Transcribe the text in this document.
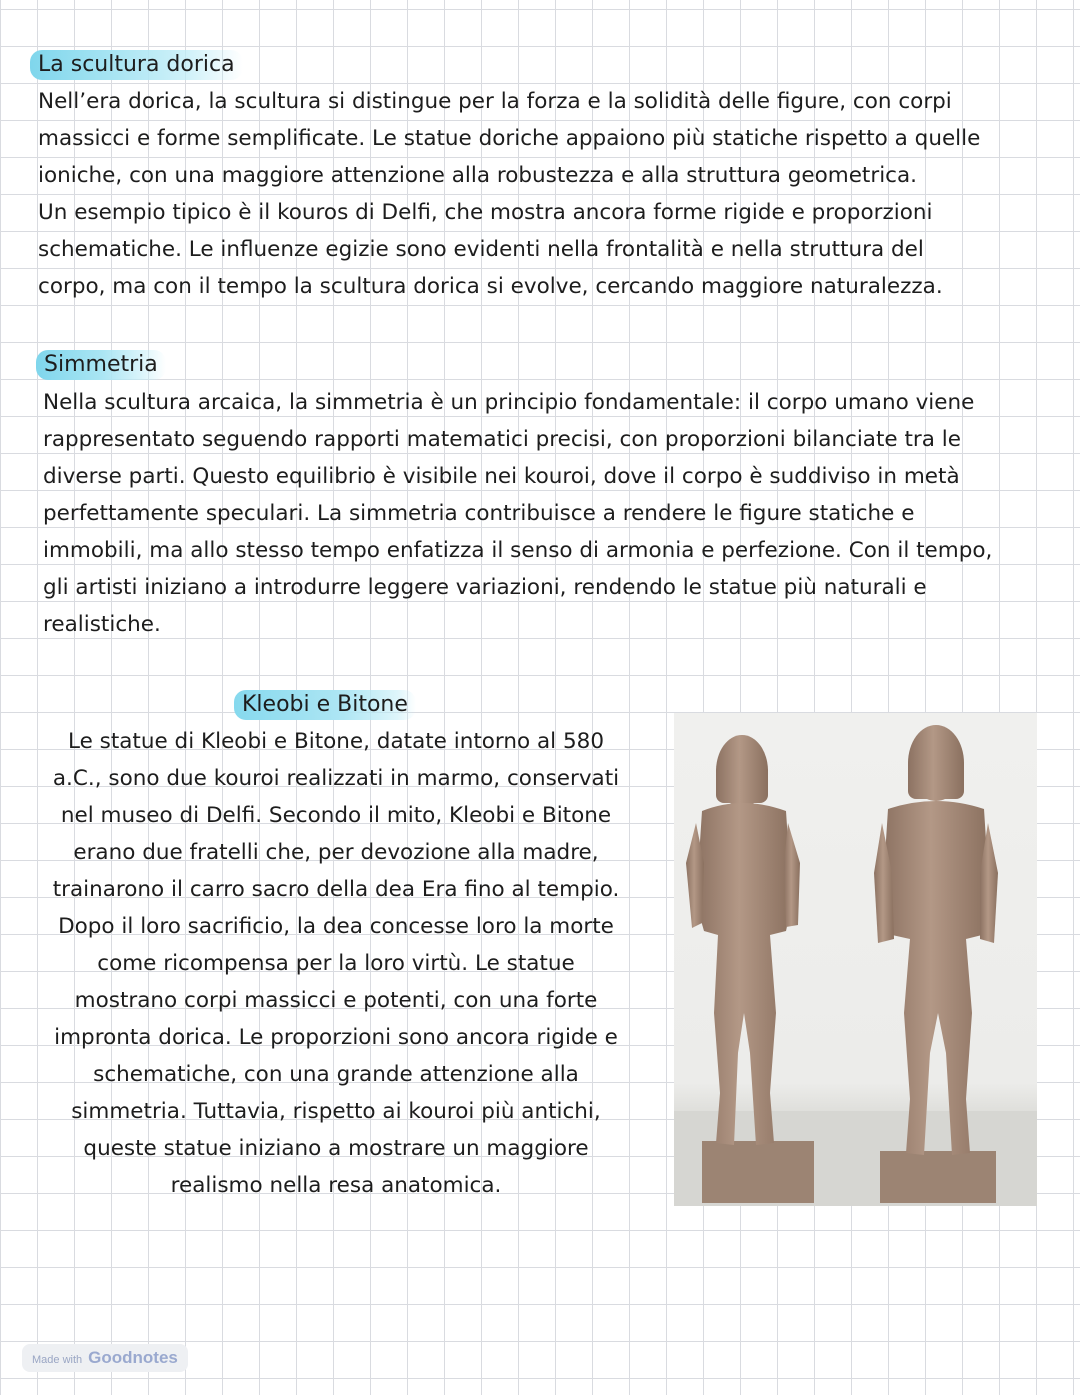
La scultura dorica
Nell’era dorica, la scultura si distingue per la forza e la solidità delle figure, con corpi
massicci e forme semplificate. Le statue doriche appaiono più statiche rispetto a quelle
ioniche, con una maggiore attenzione alla robustezza e alla struttura geometrica.
Un esempio tipico è il kouros di Delfi, che mostra ancora forme rigide e proporzioni
schematiche. Le influenze egizie sono evidenti nella frontalità e nella struttura del
corpo, ma con il tempo la scultura dorica si evolve, cercando maggiore naturalezza.
Simmetria
Nella scultura arcaica, la simmetria è un principio fondamentale: il corpo umano viene
rappresentato seguendo rapporti matematici precisi, con proporzioni bilanciate tra le
diverse parti. Questo equilibrio è visibile nei kouroi, dove il corpo è suddiviso in metà
perfettamente speculari. La simmetria contribuisce a rendere le figure statiche e
immobili, ma allo stesso tempo enfatizza il senso di armonia e perfezione. Con il tempo,
gli artisti iniziano a introdurre leggere variazioni, rendendo le statue più naturali e
realistiche.
Kleobi e Bitone
Le statue di Kleobi e Bitone, datate intorno al 580
a.C., sono due kouroi realizzati in marmo, conservati
nel museo di Delfi. Secondo il mito, Kleobi e Bitone
erano due fratelli che, per devozione alla madre,
trainarono il carro sacro della dea Era fino al tempio.
Dopo il loro sacrificio, la dea concesse loro la morte
come ricompensa per la loro virtù. Le statue
mostrano corpi massicci e potenti, con una forte
impronta dorica. Le proporzioni sono ancora rigide e
schematiche, con una grande attenzione alla
simmetria. Tuttavia, rispetto ai kouroi più antichi,
queste statue iniziano a mostrare un maggiore
realismo nella resa anatomica.
Made with Goodnotes
